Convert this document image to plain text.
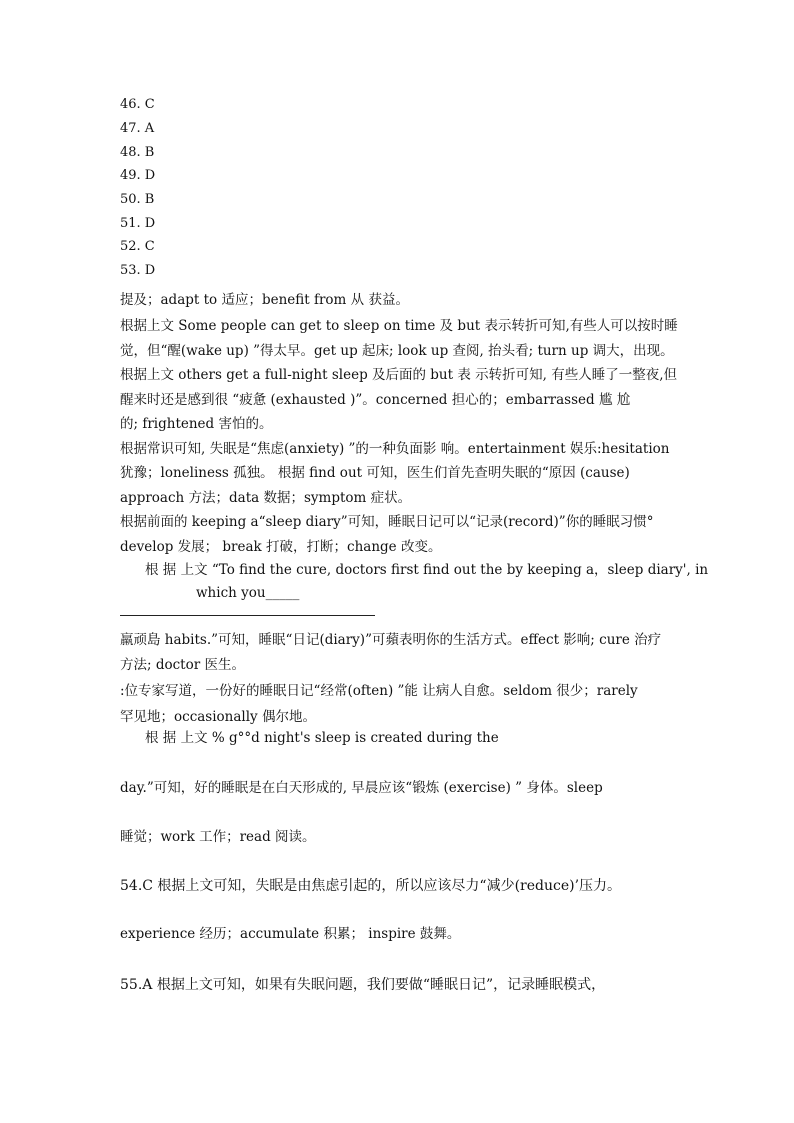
46. C
47. A
48. B
49. D
50. B
51. D
52. C
53. D
提及；adapt to 适应；benefit from 从 获益。
根据上文 Some people can get to sleep on time 及 but 表示转折可知,有些人可以按时睡
觉，但“醒(wake up) ”得太早。get up 起床; look up 查阅, 抬头看; turn up 调大，出现。
根据上文 others get a full-night sleep 及后面的 but 表 示转折可知, 有些人睡了一整夜,但
醒来时还是感到很 “疲惫 (exhausted )”。concerned 担心的；embarrassed 尴 尬
的; frightened 害怕的。
根据常识可知, 失眠是“焦虑(anxiety) ”的一种负面影 响。entertainment 娱乐:hesitation
犹豫；loneliness 孤独。 根据 find out 可知，医生们首先查明失眠的“原因 (cause)
approach 方法；data 数据；symptom 症状。
根据前面的 keeping a“sleep diary”可知，睡眠日记可以“记录(record)”你的睡眠习惯°
develop 发展； break 打破，打断；change 改变。
根 据 上文 “To find the cure, doctors first find out the by keeping a，sleep diary', in
which you_____
羸顽島 habits.”可知，睡眠“日记(diary)”可蘋表明你的生活方式。effect 影响; cure 治疗
方法; doctor 医生。
:位专家写道，一份好的睡眠日记“经常(often) ”能 让病人自愈。seldom 很少；rarely
罕见地；occasionally 偶尔地。
根 据 上文 % g°°d night's sleep is created during the
day.”可知，好的睡眠是在白天形成的, 早晨应该“锻炼 (exercise) ” 身体。sleep
睡觉；work 工作；read 阅读。
54.C 根据上文可知，失眠是由焦虑引起的，所以应该尽力“减少(reduce)’压力。
experience 经历；accumulate 积累； inspire 鼓舞。
55.A 根据上文可知，如果有失眠问题，我们要做“睡眠日记”，记录睡眠模式，
